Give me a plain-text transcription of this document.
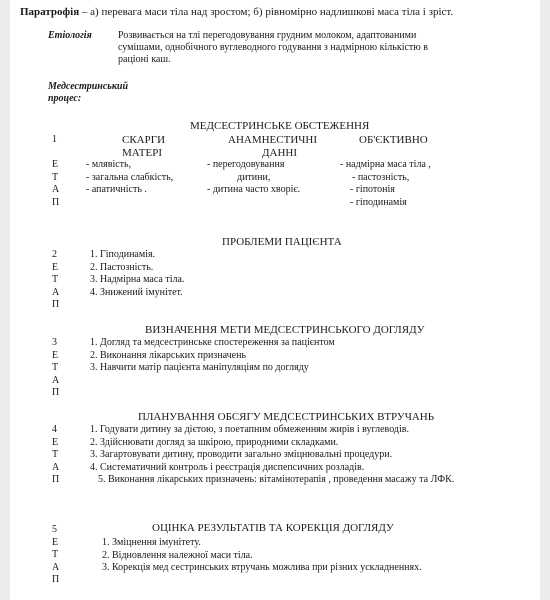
Паратрофія – а) перевага маси тіла над зростом; б) рівномірно надлишкові маса тіла і зріст.
Етіологія	Розвивається на тлі перегодовування грудним молоком, адаптованими
сумішами, однобічного вуглеводного годування з надмірною кількістю в
раціоні каш.
Медсестринський
процес:
МЕДСЕСТРИНСЬКЕ ОБСТЕЖЕННЯ
1
Е
Т
А
П
СКАРГИ
МАТЕРІ
АНАМНЕСТИЧНІ
ДАННІ
ОБ'ЄКТИВНО
- млявість,
- загальна слабкість,
- апатичність .
- перегодовування
дитини,
- дитина часто хворіє.
- надмірна маса тіла ,
- пастозність,
- гіпотонія
- гіподинамія
ПРОБЛЕМИ ПАЦІЄНТА
2
Е
Т
А
П
1. Гіподинамія.
2. Пастозність.
3. Надмірна маса тіла.
4. Знижений імунітет.
ВИЗНАЧЕННЯ МЕТИ МЕДСЕСТРИНСЬКОГО ДОГЛЯДУ
3
Е
Т
А
П
1. Догляд та медсестринське спостереження за пацієнтом
2. Виконання лікарських призначень
3. Навчити матір пацієнта маніпуляціям по догляду
ПЛАНУВАННЯ ОБСЯГУ МЕДСЕСТРИНСЬКИХ ВТРУЧАНЬ
4
Е
Т
А
П
1. Годувати дитину за дієтою, з поетапним обмеженням жирів і вуглеводів.
2. Здійснювати догляд за шкірою, природними складками.
3. Загартовувати дитину, проводити загально зміцнювальні процедури.
4. Систематичний контроль і реєстрація диспепсичних розладів.
5. Виконання лікарських призначень: вітамінотерапія , проведення масажу та ЛФК.
ОЦІНКА РЕЗУЛЬТАТІВ ТА КОРЕКЦІЯ ДОГЛЯДУ
5
Е
Т
А
П
1. Зміцнення імунітету.
2. Відновлення належної маси тіла.
3. Корекція мед сестринських втручань можлива при різних ускладненнях.
